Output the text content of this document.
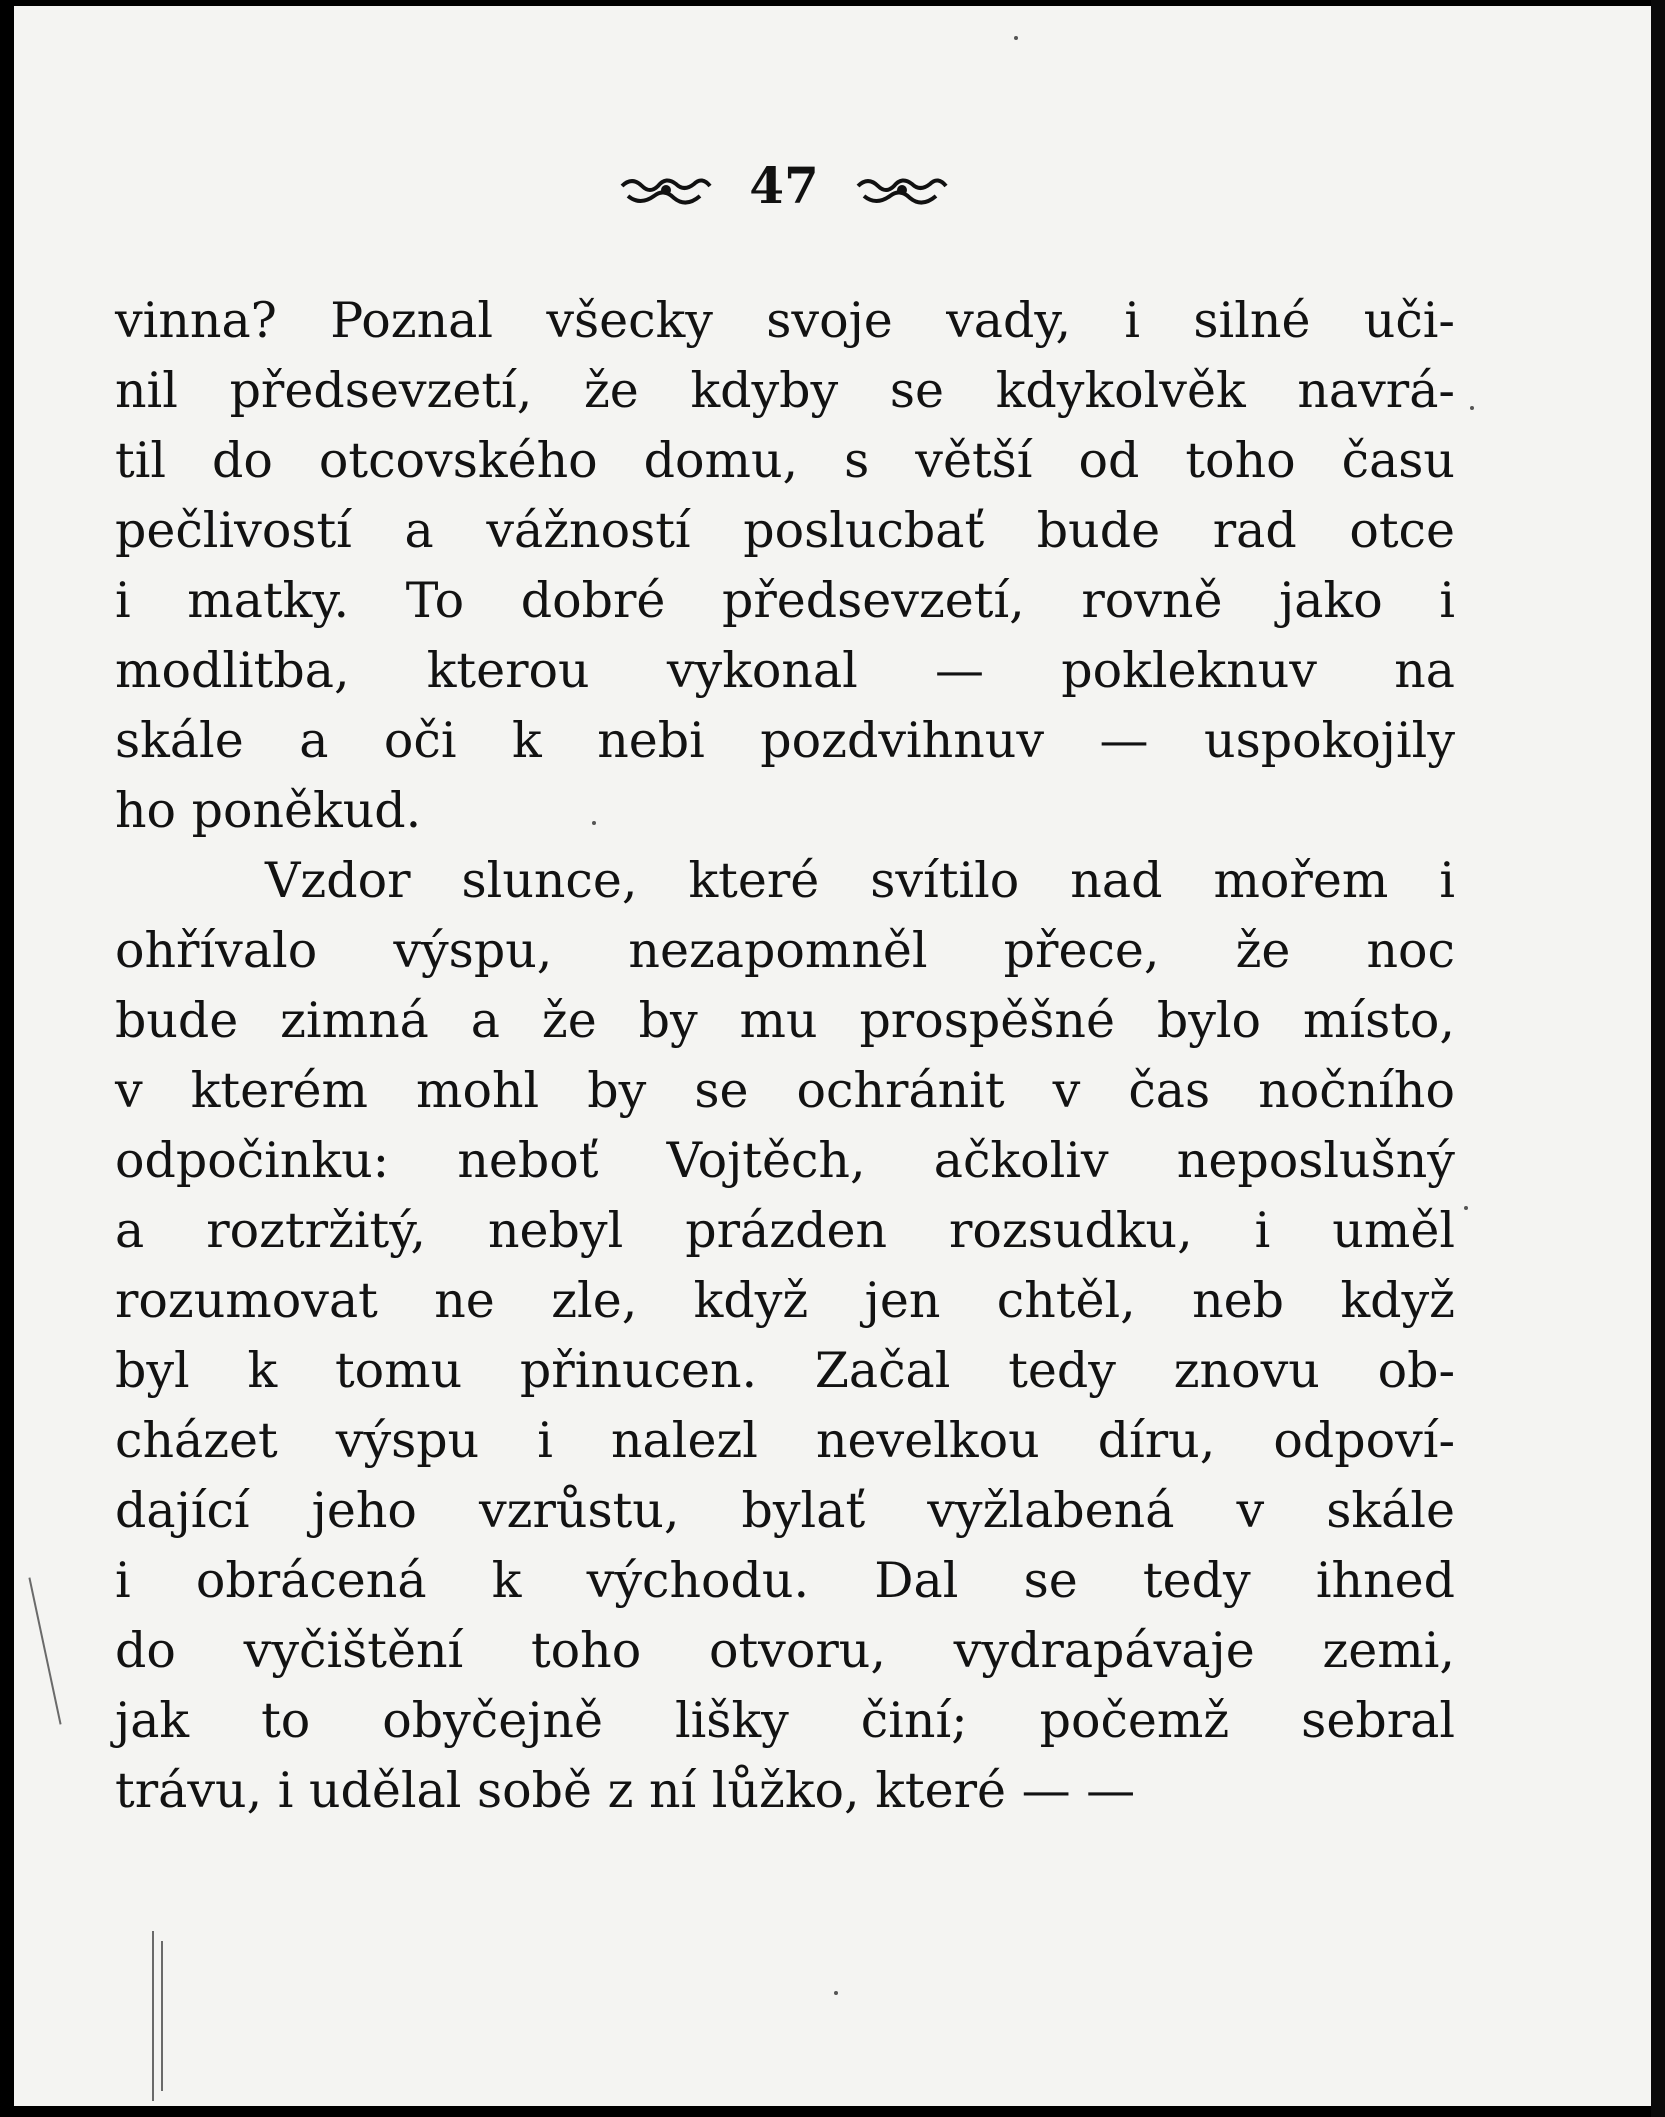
47
vinna? Poznal všecky svoje vady, i silné uči-
nil předsevzetí, že kdyby se kdykolvěk navrá-
til do otcovského domu, s větší od toho času
pečlivostí a vážností poslucbať bude rad otce
i matky. To dobré předsevzetí, rovně jako i
modlitba, kterou vykonal — pokleknuv na
skále a oči k nebi pozdvihnuv — uspokojily
ho poněkud.
Vzdor slunce, které svítilo nad mořem i
ohřívalo výspu, nezapomněl přece, že noc
bude zimná a že by mu prospěšné bylo místo,
v kterém mohl by se ochránit v čas nočního
odpočinku: neboť Vojtěch, ačkoliv neposlušný
a roztržitý, nebyl prázden rozsudku, i uměl
rozumovat ne zle, když jen chtěl, neb když
byl k tomu přinucen. Začal tedy znovu ob-
cházet výspu i nalezl nevelkou díru, odpoví-
dající jeho vzrůstu, bylať vyžlabená v skále
i obrácená k východu. Dal se tedy ihned
do vyčištění toho otvoru, vydrapávaje zemi,
jak to obyčejně lišky činí; počemž sebral
trávu, i udělal sobě z ní lůžko, které — —
